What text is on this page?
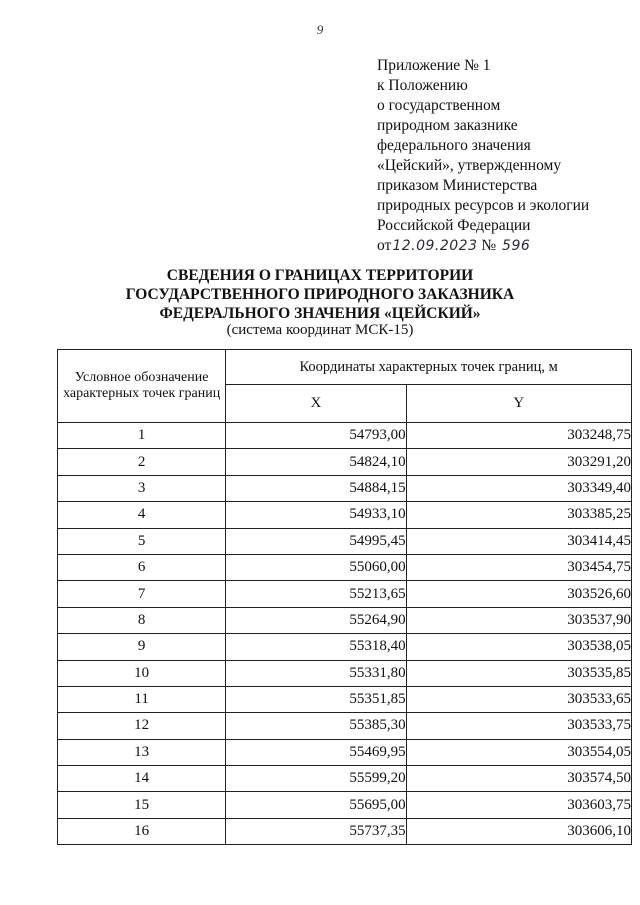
9
Приложение № 1
к Положению
о государственном
природном заказнике
федерального значения
«Цейский», утвержденному
приказом Министерства
природных ресурсов и экологии
Российской Федерации
от12.09.2023 № 596
СВЕДЕНИЯ О ГРАНИЦАХ ТЕРРИТОРИИ
ГОСУДАРСТВЕННОГО ПРИРОДНОГО ЗАКАЗНИКА
ФЕДЕРАЛЬНОГО ЗНАЧЕНИЯ «ЦЕЙСКИЙ»
(система координат МСК-15)
Условное обозначение характерных точек границ	Координаты характерных точек границ, м	
	X	Y
1	54793,00	303248,75
2	54824,10	303291,20
3	54884,15	303349,40
4	54933,10	303385,25
5	54995,45	303414,45
6	55060,00	303454,75
7	55213,65	303526,60
8	55264,90	303537,90
9	55318,40	303538,05
10	55331,80	303535,85
11	55351,85	303533,65
12	55385,30	303533,75
13	55469,95	303554,05
14	55599,20	303574,50
15	55695,00	303603,75
16	55737,35	303606,10
